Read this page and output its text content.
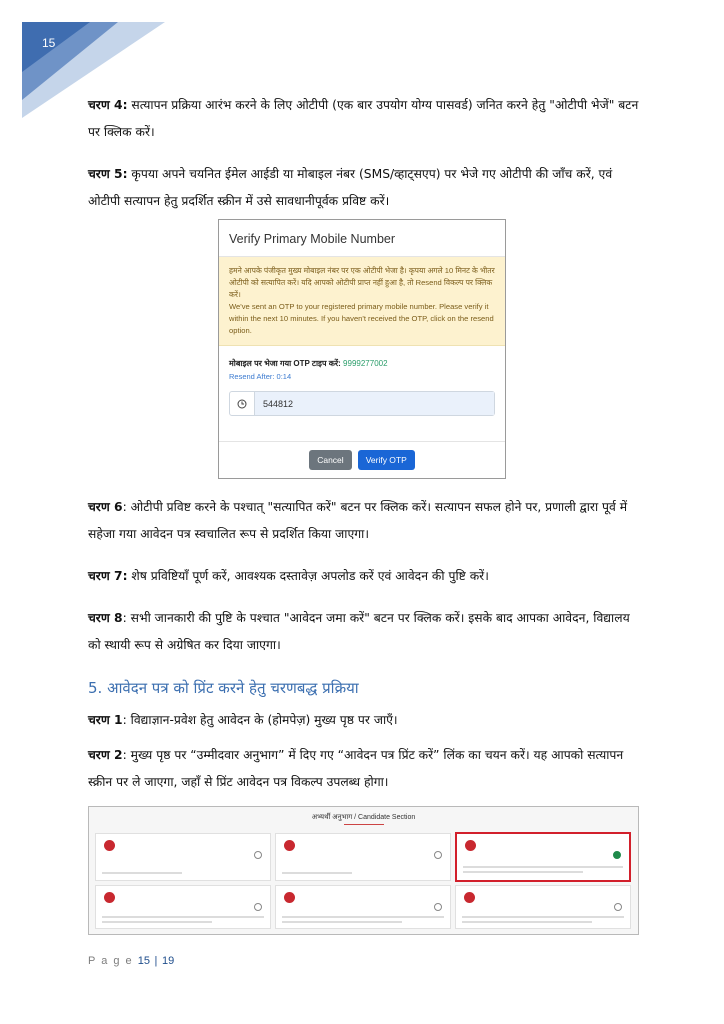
15

चरण 4: सत्यापन प्रक्रिया आरंभ करने के लिए ओटीपी (एक बार उपयोग योग्य पासवर्ड) जनित करने हेतु "ओटीपी भेजें" बटन पर क्लिक करें।

चरण 5: कृपया अपने चयनित ईमेल आईडी या मोबाइल नंबर (SMS/व्हाट्सएप) पर भेजे गए ओटीपी की जाँच करें, एवं ओटीपी सत्यापन हेतु प्रदर्शित स्क्रीन में उसे सावधानीपूर्वक प्रविष्ट करें।

Verify Primary Mobile Number
हमने आपके पंजीकृत मुख्य मोबाइल नंबर पर एक ओटीपी भेजा है। कृपया अगले 10 मिनट के भीतर ओटीपी को सत्यापित करें। यदि आपको ओटीपी प्राप्त नहीं हुआ है, तो Resend विकल्प पर क्लिक करें।
We've sent an OTP to your registered primary mobile number. Please verify it within the next 10 minutes. If you haven't received the OTP, click on the resend option.
मोबाइल पर भेजा गया OTP टाइप करें: 9999277002
Resend After: 0:14
544812
Cancel	Verify OTP

चरण 6: ओटीपी प्रविष्ट करने के पश्चात् "सत्यापित करें" बटन पर क्लिक करें। सत्यापन सफल होने पर, प्रणाली द्वारा पूर्व में सहेजा गया आवेदन पत्र स्वचालित रूप से प्रदर्शित किया जाएगा।

चरण 7: शेष प्रविष्टियाँ पूर्ण करें, आवश्यक दस्तावेज़ अपलोड करें एवं आवेदन की पुष्टि करें।

चरण 8: सभी जानकारी की पुष्टि के पश्चात "आवेदन जमा करें" बटन पर क्लिक करें। इसके बाद आपका आवेदन, विद्यालय को स्थायी रूप से अग्रेषित कर दिया जाएगा।

5. आवेदन पत्र को प्रिंट करने हेतु चरणबद्ध प्रक्रिया

चरण 1: विद्याज्ञान-प्रवेश हेतु आवेदन के (होमपेज़) मुख्य पृष्ठ पर जाएँ।

चरण 2: मुख्य पृष्ठ पर “उम्मीदवार अनुभाग” में दिए गए “आवेदन पत्र प्रिंट करें” लिंक का चयन करें। यह आपको सत्यापन स्क्रीन पर ले जाएगा, जहाँ से प्रिंट आवेदन पत्र विकल्प उपलब्ध होगा।

अभ्यर्थी अनुभाग / Candidate Section
P a g e 15 | 19
